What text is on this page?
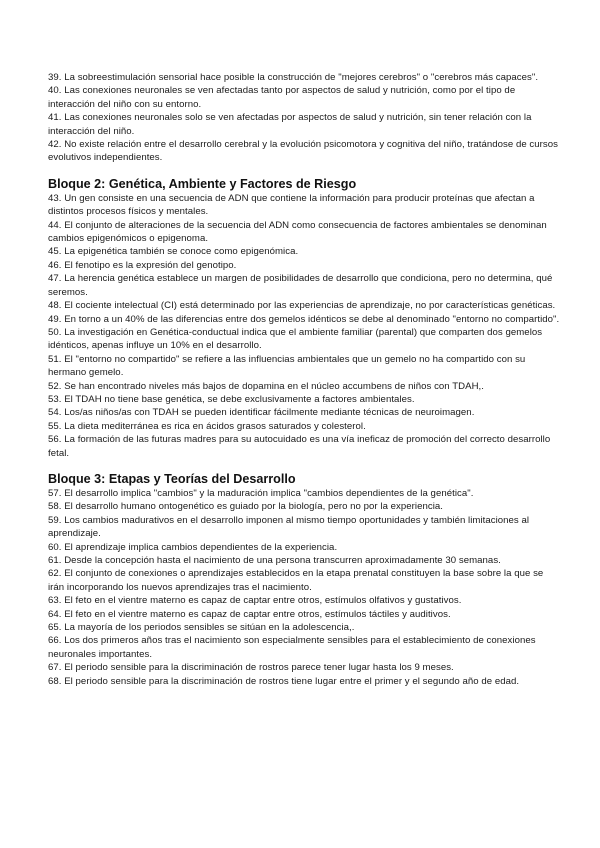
39. La sobreestimulación sensorial hace posible la construcción de "mejores cerebros" o "cerebros más capaces".

40. Las conexiones neuronales se ven afectadas tanto por aspectos de salud y nutrición, como por el tipo de interacción del niño con su entorno.

41. Las conexiones neuronales solo se ven afectadas por aspectos de salud y nutrición, sin tener relación con la interacción del niño.

42. No existe relación entre el desarrollo cerebral y la evolución psicomotora y cognitiva del niño, tratándose de cursos evolutivos independientes.

Bloque 2: Genética, Ambiente y Factores de Riesgo

43. Un gen consiste en una secuencia de ADN que contiene la información para producir proteínas que afectan a distintos procesos físicos y mentales.

44. El conjunto de alteraciones de la secuencia del ADN como consecuencia de factores ambientales se denominan cambios epigenómicos o epigenoma.

45. La epigenética también se conoce como epigenómica.

46. El fenotipo es la expresión del genotipo.

47. La herencia genética establece un margen de posibilidades de desarrollo que condiciona, pero no determina, qué seremos.

48. El cociente intelectual (CI) está determinado por las experiencias de aprendizaje, no por características genéticas.

49. En torno a un 40% de las diferencias entre dos gemelos idénticos se debe al denominado "entorno no compartido".

50. La investigación en Genética-conductual indica que el ambiente familiar (parental) que comparten dos gemelos idénticos, apenas influye un 10% en el desarrollo.

51. El "entorno no compartido" se refiere a las influencias ambientales que un gemelo no ha compartido con su hermano gemelo.

52. Se han encontrado niveles más bajos de dopamina en el núcleo accumbens de niños con TDAH,.

53. El TDAH no tiene base genética, se debe exclusivamente a factores ambientales.

54. Los/as niños/as con TDAH se pueden identificar fácilmente mediante técnicas de neuroimagen.

55. La dieta mediterránea es rica en ácidos grasos saturados y colesterol.

56. La formación de las futuras madres para su autocuidado es una vía ineficaz de promoción del correcto desarrollo fetal.

Bloque 3: Etapas y Teorías del Desarrollo

57. El desarrollo implica "cambios" y la maduración implica "cambios dependientes de la genética".

58. El desarrollo humano ontogenético es guiado por la biología, pero no por la experiencia.

59. Los cambios madurativos en el desarrollo imponen al mismo tiempo oportunidades y también limitaciones al aprendizaje.

60. El aprendizaje implica cambios dependientes de la experiencia.

61. Desde la concepción hasta el nacimiento de una persona transcurren aproximadamente 30 semanas.

62. El conjunto de conexiones o aprendizajes establecidos en la etapa prenatal constituyen la base sobre la que se irán incorporando los nuevos aprendizajes tras el nacimiento.

63. El feto en el vientre materno es capaz de captar entre otros, estímulos olfativos y gustativos.

64. El feto en el vientre materno es capaz de captar entre otros, estímulos táctiles y auditivos.

65. La mayoría de los periodos sensibles se sitúan en la adolescencia,.

66. Los dos primeros años tras el nacimiento son especialmente sensibles para el establecimiento de conexiones neuronales importantes.

67. El periodo sensible para la discriminación de rostros parece tener lugar hasta los 9 meses.

68. El periodo sensible para la discriminación de rostros tiene lugar entre el primer y el segundo año de edad.
